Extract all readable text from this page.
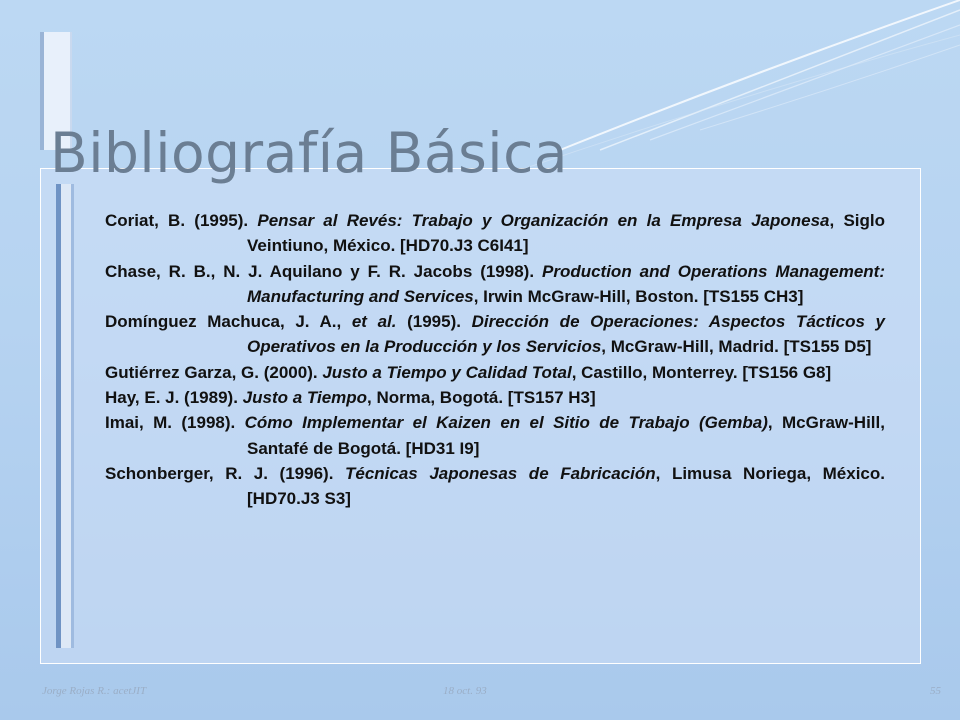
Bibliografía Básica

Coriat, B. (1995). Pensar al Revés: Trabajo y Organización en la Empresa Japonesa, Siglo Veintiuno, México. [HD70.J3 C6I41]

Chase, R. B., N. J. Aquilano y F. R. Jacobs (1998). Production and Operations Management: Manufacturing and Services, Irwin McGraw-Hill, Boston. [TS155 CH3]

Domínguez Machuca, J. A., et al. (1995). Dirección de Operaciones: Aspectos Tácticos y Operativos en la Producción y los Servicios, McGraw-Hill, Madrid. [TS155 D5]

Gutiérrez Garza, G. (2000). Justo a Tiempo y Calidad Total, Castillo, Monterrey. [TS156 G8]

Hay, E. J. (1989). Justo a Tiempo, Norma, Bogotá. [TS157 H3]

Imai, M. (1998). Cómo Implementar el Kaizen en el Sitio de Trabajo (Gemba), McGraw-Hill, Santafé de Bogotá. [HD31 I9]

Schonberger, R. J. (1996). Técnicas Japonesas de Fabricación, Limusa Noriega, México. [HD70.J3 S3]

Jorge Rojas R.: acetJIT	18 oct. 93	55
